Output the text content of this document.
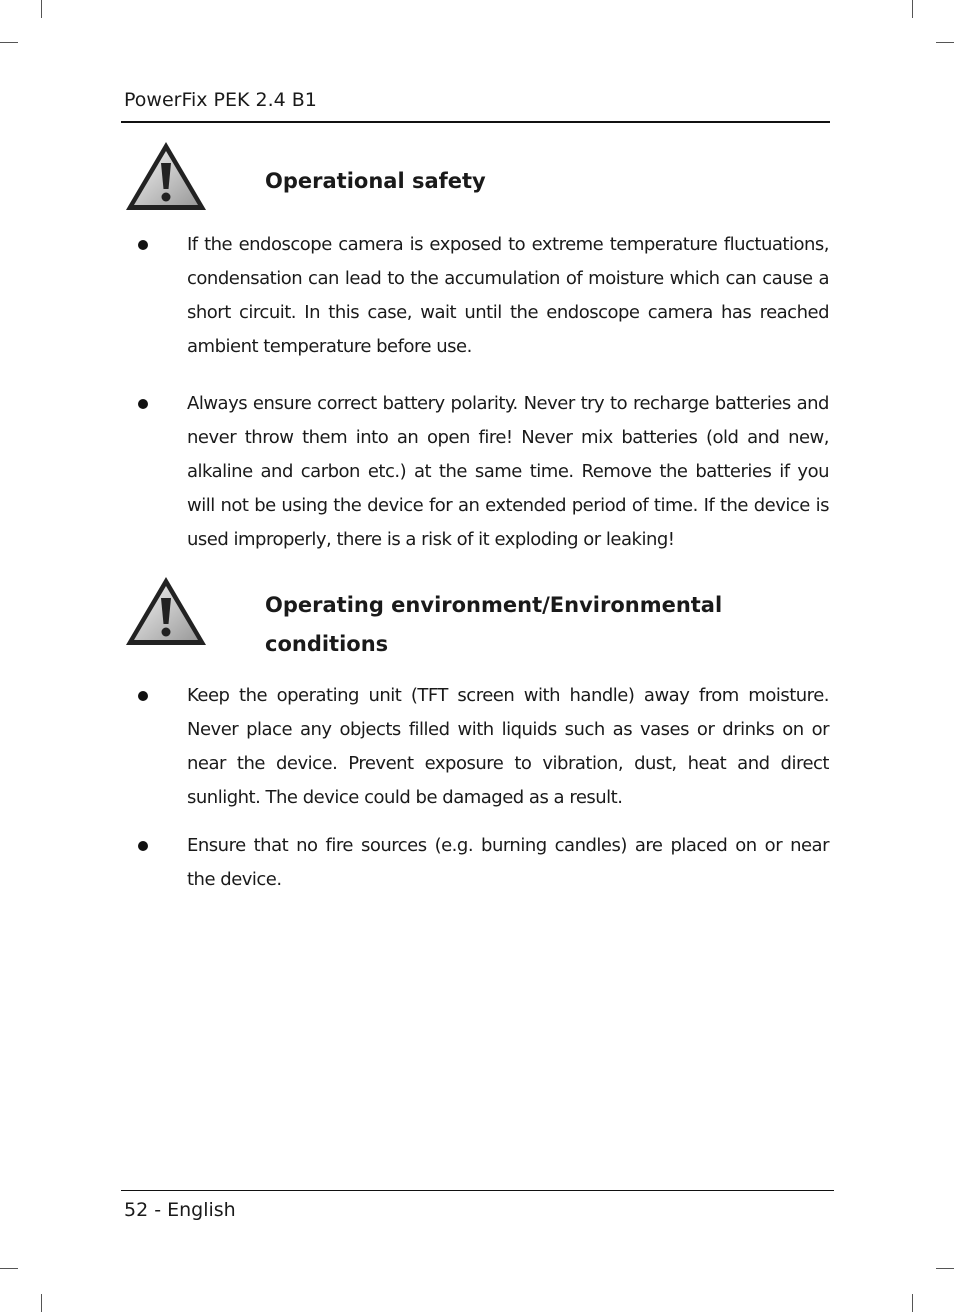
PowerFix PEK 2.4 B1
Operational safety
If the endoscope camera is exposed to extreme temperature fluctuations, condensation can lead to the accumulation of moisture which can cause a short circuit. In this case, wait until the endoscope camera has reached ambient temperature before use.
Always ensure correct battery polarity. Never try to recharge batteries and never throw them into an open fire! Never mix batteries (old and new, alkaline and carbon etc.) at the same time. Remove the batteries if you will not be using the device for an extended period of time. If the device is used improperly, there is a risk of it exploding or leaking!
Operating environment/Environmental conditions
Keep the operating unit (TFT screen with handle) away from moisture. Never place any objects filled with liquids such as vases or drinks on or near the device. Prevent exposure to vibration, dust, heat and direct sunlight. The device could be damaged as a result.
Ensure that no fire sources (e.g. burning candles) are placed on or near the device.
52 - English
